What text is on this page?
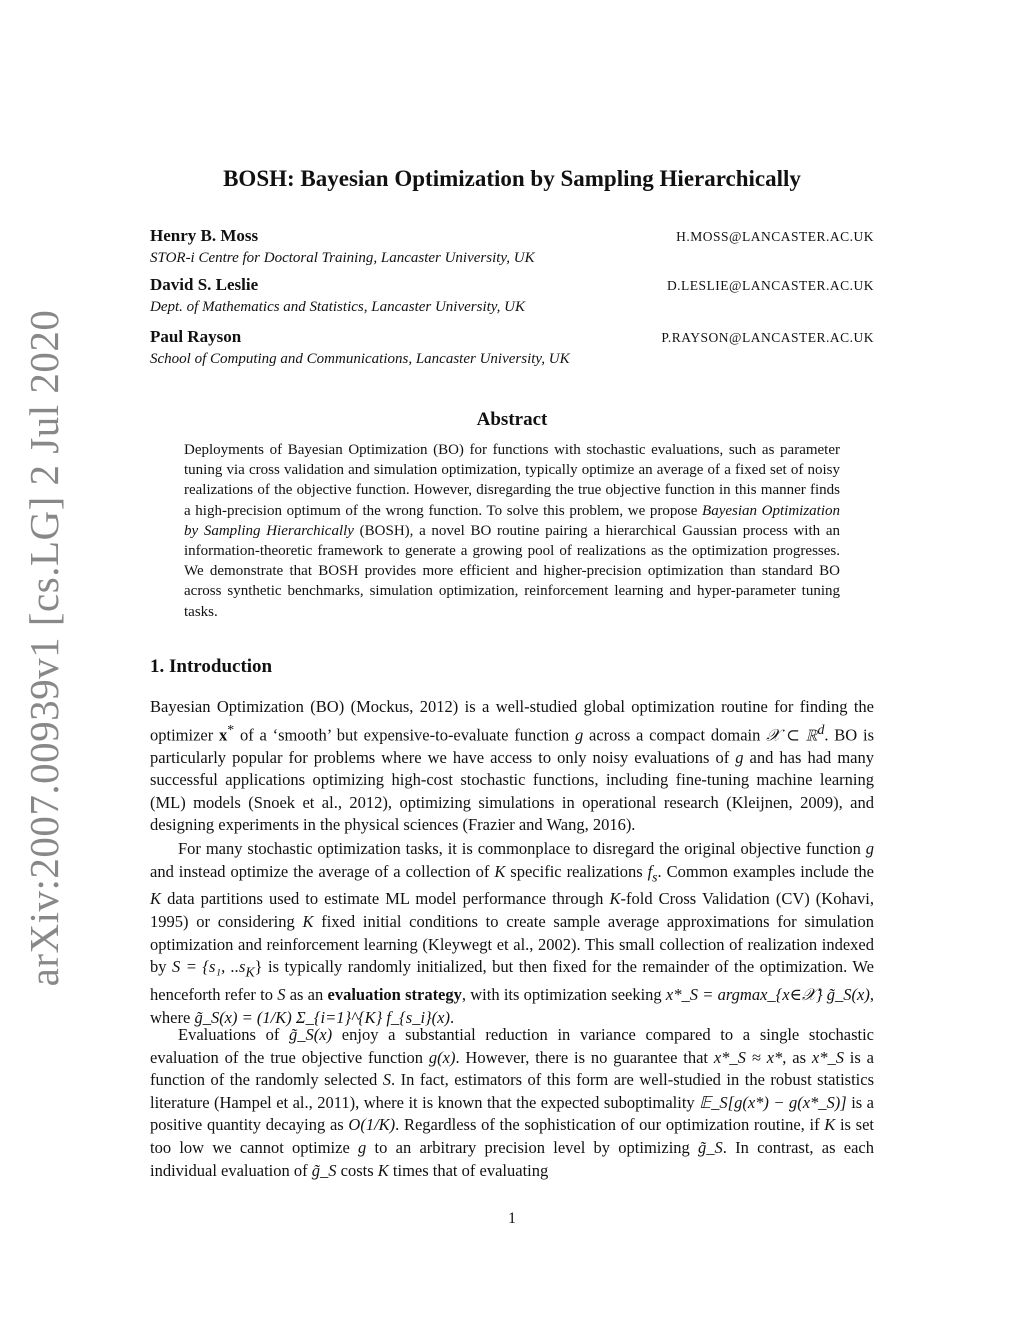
arXiv:2007.00939v1 [cs.LG] 2 Jul 2020
BOSH: Bayesian Optimization by Sampling Hierarchically
Henry B. Moss	H.MOSS@LANCASTER.AC.UK
STOR-i Centre for Doctoral Training, Lancaster University, UK
David S. Leslie	D.LESLIE@LANCASTER.AC.UK
Dept. of Mathematics and Statistics, Lancaster University, UK
Paul Rayson	P.RAYSON@LANCASTER.AC.UK
School of Computing and Communications, Lancaster University, UK
Abstract

Deployments of Bayesian Optimization (BO) for functions with stochastic evaluations, such as parameter tuning via cross validation and simulation optimization, typically optimize an average of a fixed set of noisy realizations of the objective function. However, disregarding the true objective function in this manner finds a high-precision optimum of the wrong function. To solve this problem, we propose Bayesian Optimization by Sampling Hierarchically (BOSH), a novel BO routine pairing a hierarchical Gaussian process with an information-theoretic framework to generate a growing pool of realizations as the optimization progresses. We demonstrate that BOSH provides more efficient and higher-precision optimization than standard BO across synthetic benchmarks, simulation optimization, reinforcement learning and hyper-parameter tuning tasks.

1. Introduction

Bayesian Optimization (BO) (Mockus, 2012) is a well-studied global optimization routine for finding the optimizer x* of a ‘smooth’ but expensive-to-evaluate function g across a compact domain 𝒳 ⊂ ℝ$^d$. BO is particularly popular for problems where we have access to only noisy evaluations of g and has had many successful applications optimizing high-cost stochastic functions, including fine-tuning machine learning (ML) models (Snoek et al., 2012), optimizing simulations in operational research (Kleijnen, 2009), and designing experiments in the physical sciences (Frazier and Wang, 2016).

For many stochastic optimization tasks, it is commonplace to disregard the original objective function g and instead optimize the average of a collection of K specific realizations $f_s$. Common examples include the K data partitions used to estimate ML model performance through K-fold Cross Validation (CV) (Kohavi, 1995) or considering K fixed initial conditions to create sample average approximations for simulation optimization and reinforcement learning (Kleywegt et al., 2002). This small collection of realization indexed by S = {s₁, $..s_K$} is typically randomly initialized, but then fixed for the remainder of the optimization. We henceforth refer to S as an evaluation strategy, with its optimization seeking x*_S = argmax_{x∈𝒳} g̃_S(x), where g̃_S(x) = (1/K) Σ_{i=1}^{K} f_{s_i}(x).

Evaluations of g̃_S(x) enjoy a substantial reduction in variance compared to a single stochastic evaluation of the true objective function g(x). However, there is no guarantee that x*_S ≈ x*, as x*_S is a function of the randomly selected S. In fact, estimators of this form are well-studied in the robust statistics literature (Hampel et al., 2011), where it is known that the expected suboptimality 𝔼_S[g(x*) − g(x*_S)] is a positive quantity decaying as O(1/K). Regardless of the sophistication of our optimization routine, if K is set too low we cannot optimize g to an arbitrary precision level by optimizing g̃_S. In contrast, as each individual evaluation of g̃_S costs K times that of evaluating

1
